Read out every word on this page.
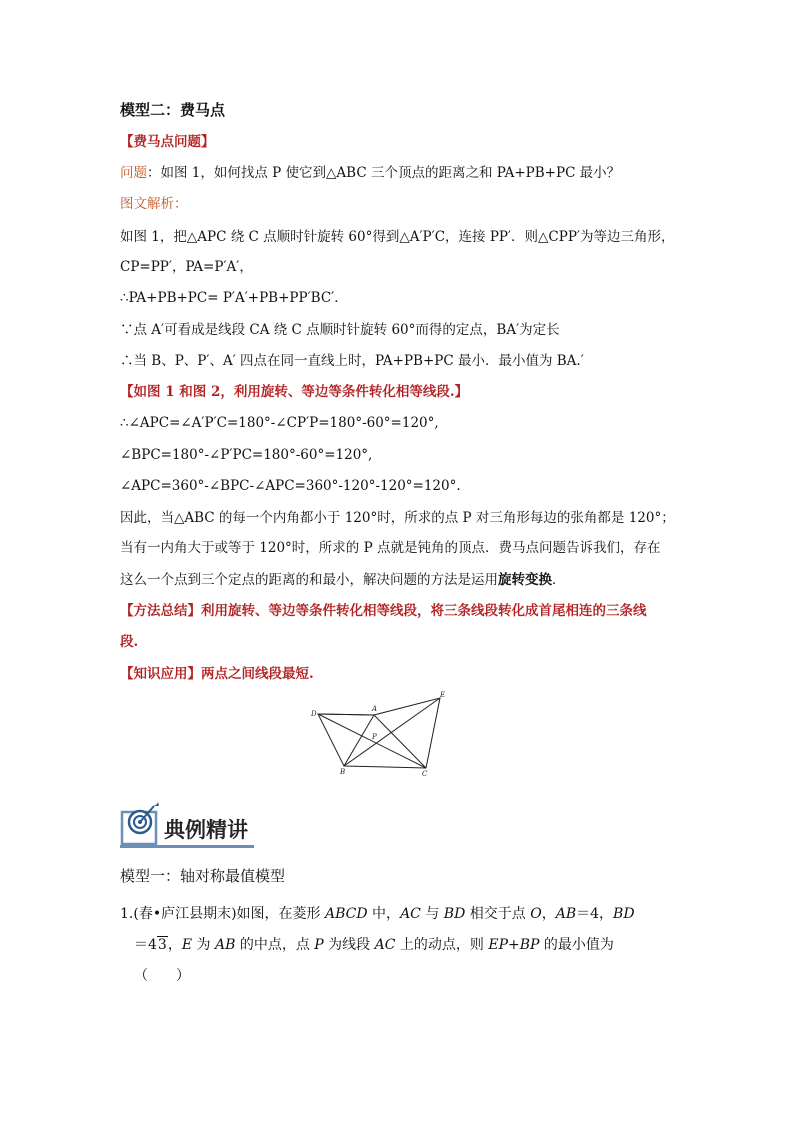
模型二：费马点
【费马点问题】
问题：如图 1，如何找点 P 使它到△ABC 三个顶点的距离之和 PA+PB+PC 最小？
图文解析：
如图 1，把△APC 绕 C 点顺时针旋转 60°得到△A′P′C，连接 PP′．则△CPP′为等边三角形，
CP=PP′，PA=P′A′，
∴PA+PB+PC= P′A′+PB+PP′BC′．
∵点 A′可看成是线段 CA 绕 C 点顺时针旋转 60°而得的定点，BA′为定长
∴当 B、P、P′、A′ 四点在同一直线上时，PA+PB+PC 最小．最小值为 BA.′
【如图 1 和图 2，利用旋转、等边等条件转化相等线段.】
∴∠APC=∠A′P′C=180°-∠CP′P=180°-60°=120°,
∠BPC=180°-∠P′PC=180°-60°=120°,
∠APC=360°-∠BPC-∠APC=360°-120°-120°=120°.
因此，当△ABC 的每一个内角都小于 120°时，所求的点 P 对三角形每边的张角都是 120°；
当有一内角大于或等于 120°时，所求的 P 点就是钝角的顶点．费马点问题告诉我们，存在
这么一个点到三个定点的距离的和最小，解决问题的方法是运用旋转变换．
【方法总结】利用旋转、等边等条件转化相等线段，将三条线段转化成首尾相连的三条线
段.
【知识应用】两点之间线段最短.
D
A
E
P
B	C
典例精讲
模型一：轴对称最值模型
1.(春•庐江县期末)如图，在菱形 ABCD 中，AC 与 BD 相交于点 O，AB＝4，BD
＝43，E 为 AB 的中点，点 P 为线段 AC 上的动点，则 EP+BP 的最小值为
（　　）
